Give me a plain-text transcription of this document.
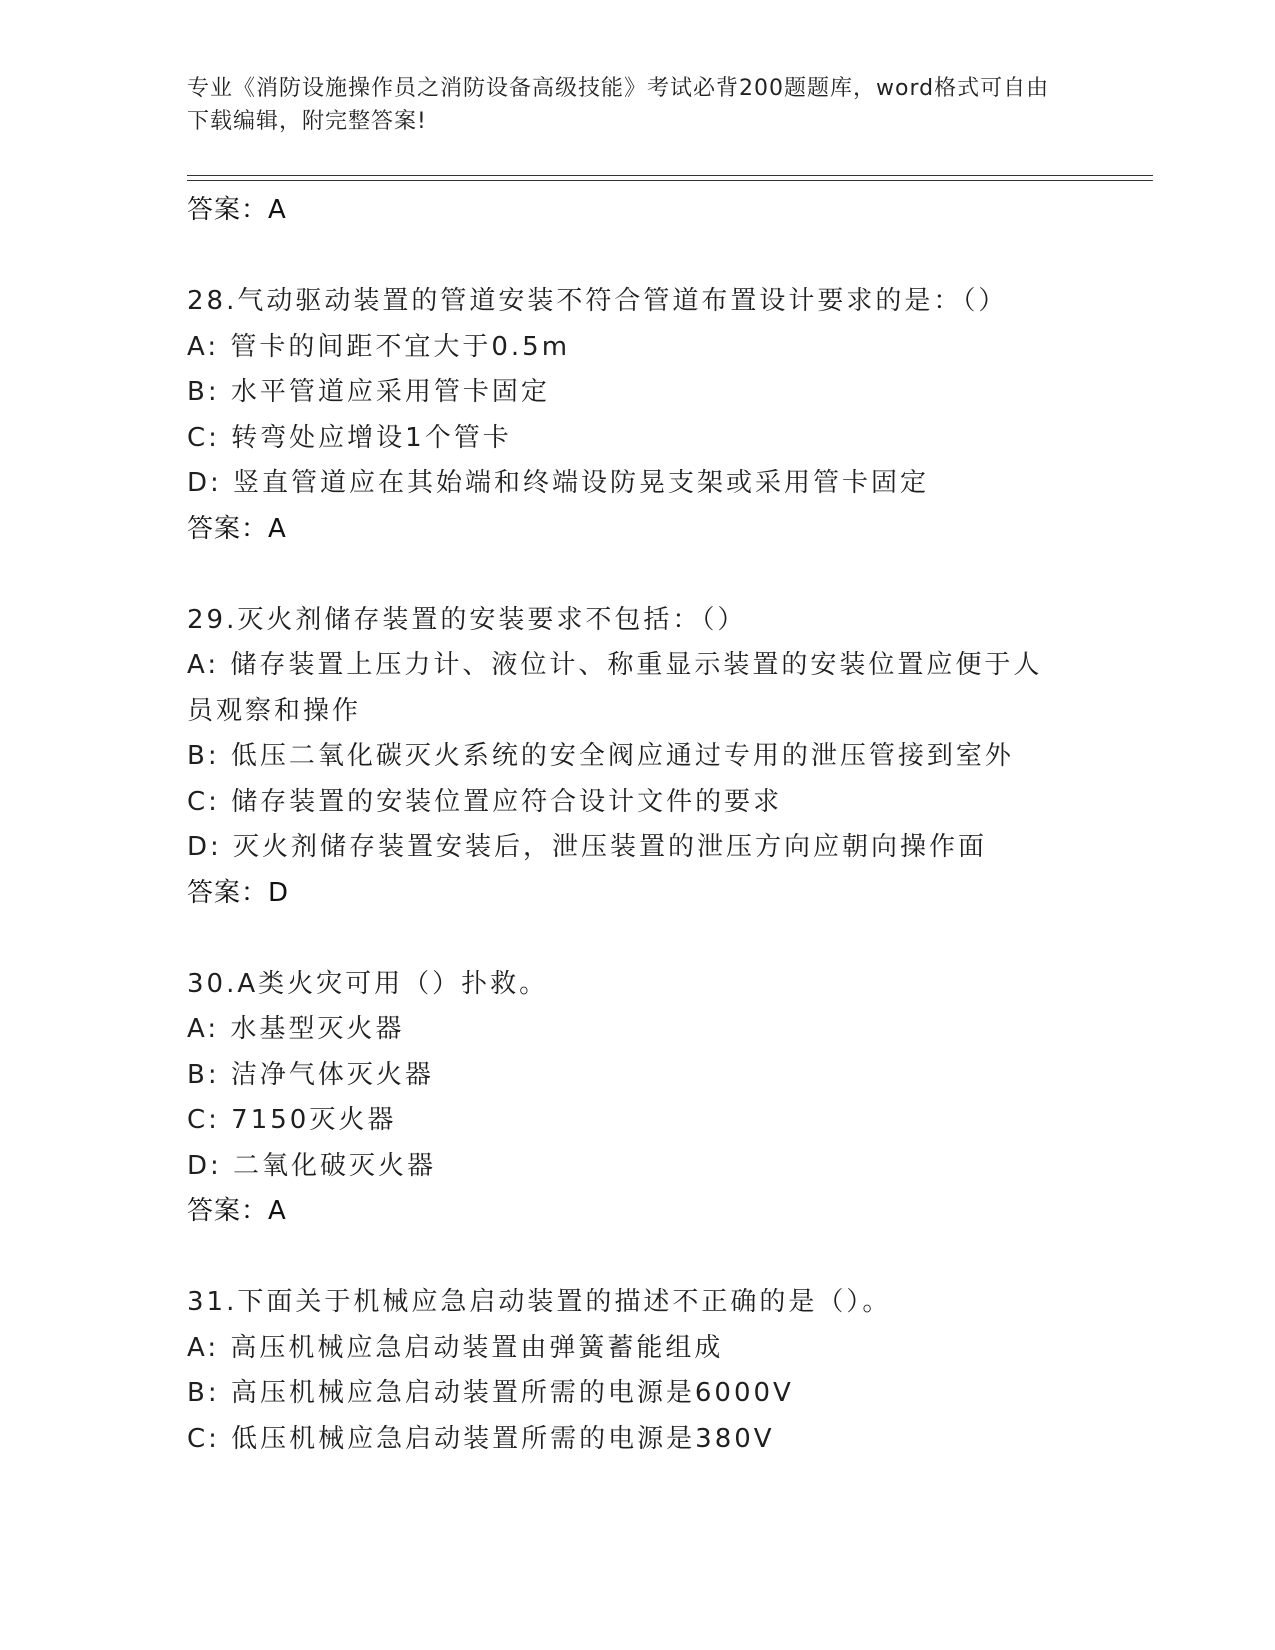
专业《消防设施操作员之消防设备高级技能》考试必背200题题库，word格式可自由下载编辑，附完整答案!
答案：A
28.气动驱动装置的管道安装不符合管道布置设计要求的是：（）
A: 管卡的间距不宜大于0.5m
B: 水平管道应采用管卡固定
C: 转弯处应增设1个管卡
D: 竖直管道应在其始端和终端设防晃支架或采用管卡固定
答案：A
29.灭火剂储存装置的安装要求不包括：（）
A: 储存装置上压力计、液位计、称重显示装置的安装位置应便于人员观察和操作
B: 低压二氧化碳灭火系统的安全阀应通过专用的泄压管接到室外
C: 储存装置的安装位置应符合设计文件的要求
D: 灭火剂储存装置安装后，泄压装置的泄压方向应朝向操作面
答案：D
30.A类火灾可用（）扑救。
A: 水基型灭火器
B: 洁净气体灭火器
C: 7150灭火器
D: 二氧化破灭火器
答案：A
31.下面关于机械应急启动装置的描述不正确的是（）。
A: 高压机械应急启动装置由弹簧蓄能组成
B: 高压机械应急启动装置所需的电源是6000V
C: 低压机械应急启动装置所需的电源是380V
